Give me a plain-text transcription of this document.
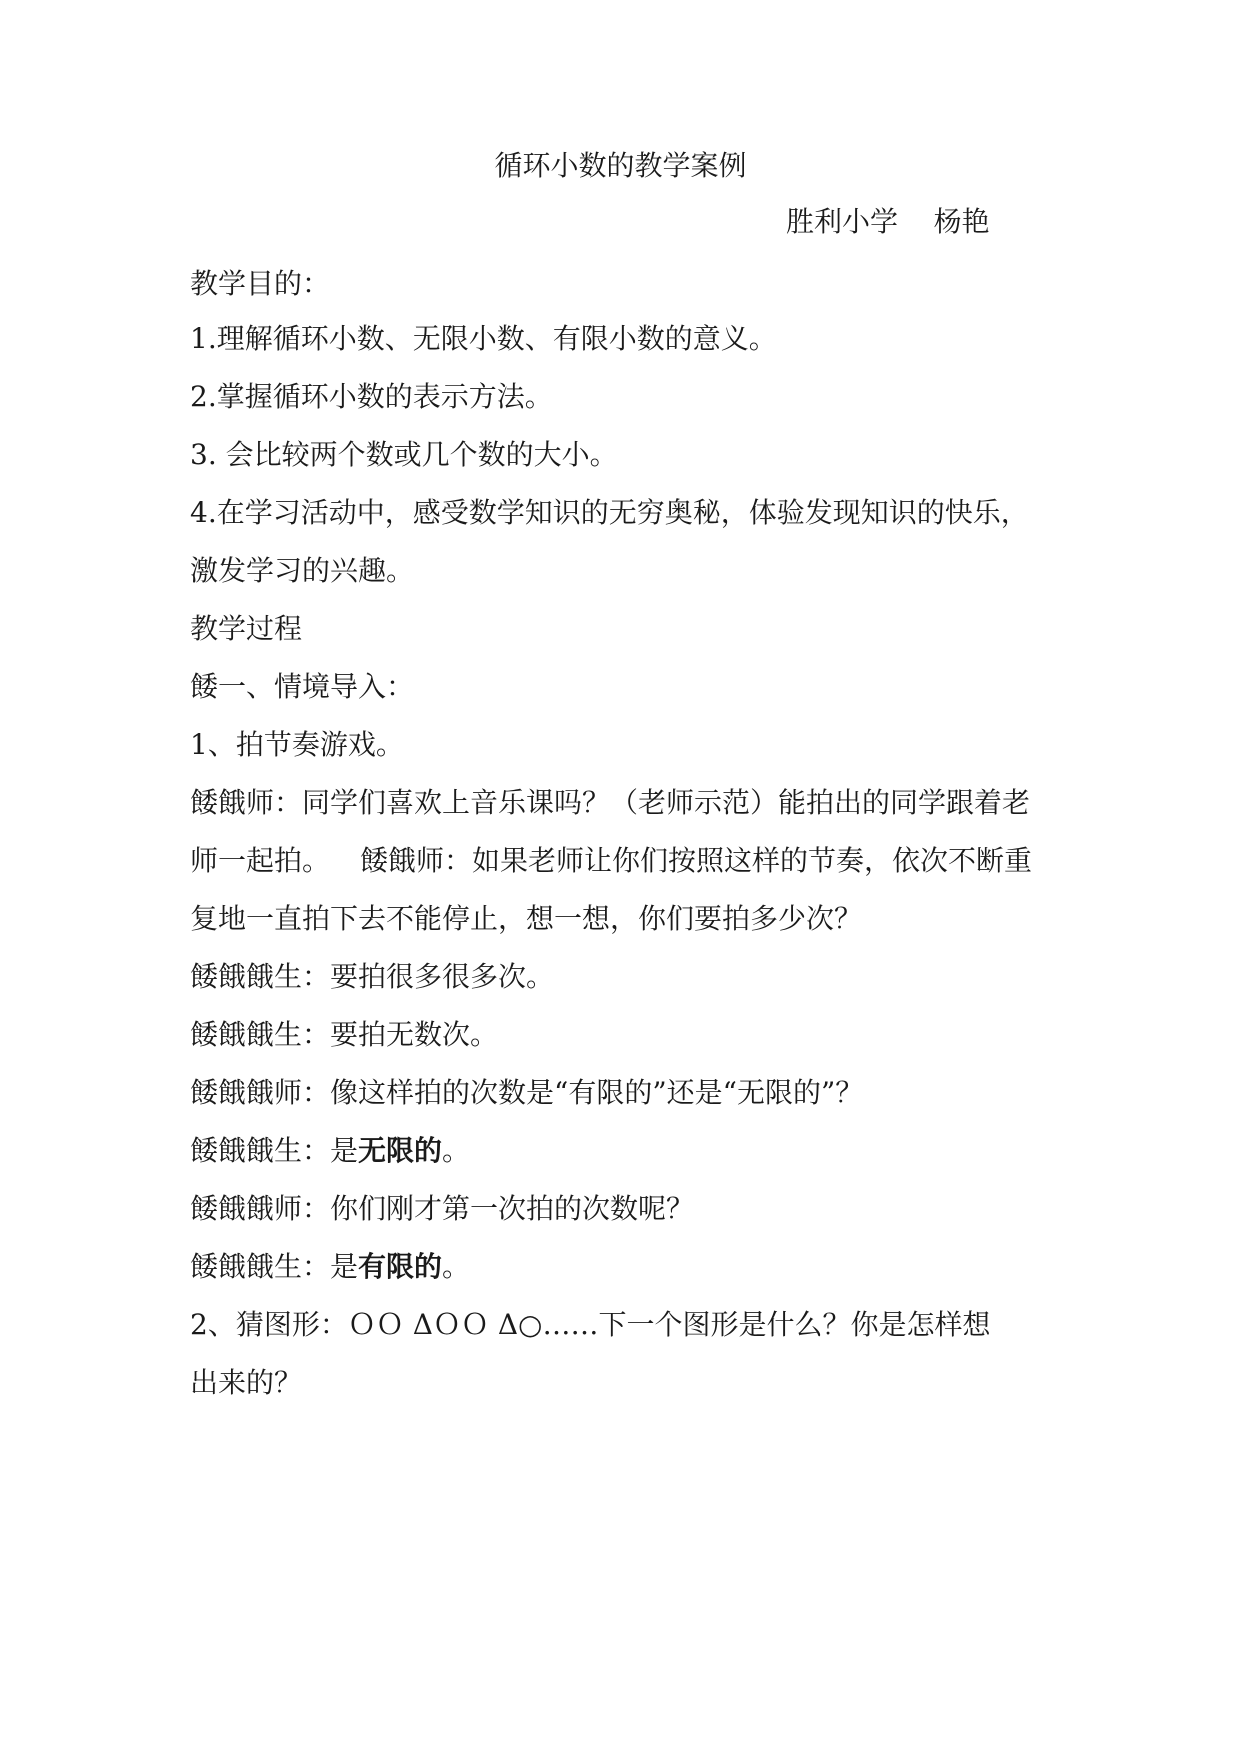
循环小数的教学案例
胜利小学    杨艳
教学目的：
1.理解循环小数、无限小数、有限小数的意义。
2.掌握循环小数的表示方法。
3. 会比较两个数或几个数的大小。
4.在学习活动中，感受数学知识的无穷奥秘，体验发现知识的快乐，
激发学习的兴趣。
教学过程
餧一、情境导入：
1、拍节奏游戏。
餧餓师：同学们喜欢上音乐课吗？（老师示范）能拍出的同学跟着老
师一起拍。 餧餓师：如果老师让你们按照这样的节奏，依次不断重
复地一直拍下去不能停止，想一想，你们要拍多少次？
餧餓餓生：要拍很多很多次。
餧餓餓生：要拍无数次。
餧餓餓师：像这样拍的次数是“有限的”还是“无限的”？
餧餓餓生：是无限的。
餧餓餓师：你们刚才第一次拍的次数呢？
餧餓餓生：是有限的。
2、猜图形：ＯＯ ΔＯＯ Δ○……下一个图形是什么？你是怎样想
出来的？
